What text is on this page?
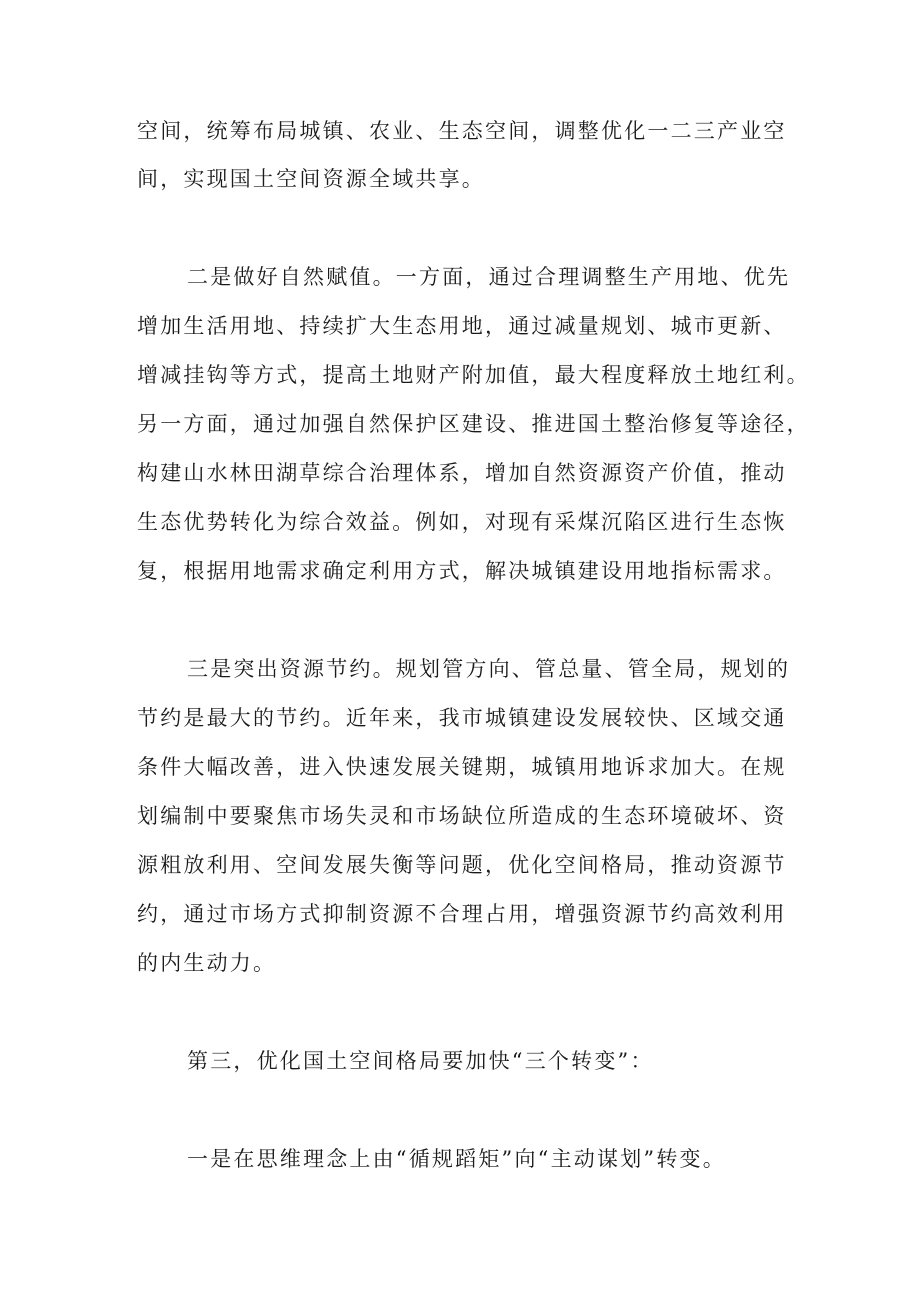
空间，统筹布局城镇、农业、生态空间，调整优化一二三产业空
间，实现国土空间资源全域共享。
二是做好自然赋值。一方面，通过合理调整生产用地、优先
增加生活用地、持续扩大生态用地，通过减量规划、城市更新、
增减挂钩等方式，提高土地财产附加值，最大程度释放土地红利。
另一方面，通过加强自然保护区建设、推进国土整治修复等途径，
构建山水林田湖草综合治理体系，增加自然资源资产价值，推动
生态优势转化为综合效益。例如，对现有采煤沉陷区进行生态恢
复，根据用地需求确定利用方式，解决城镇建设用地指标需求。
三是突出资源节约。规划管方向、管总量、管全局，规划的
节约是最大的节约。近年来，我市城镇建设发展较快、区域交通
条件大幅改善，进入快速发展关键期，城镇用地诉求加大。在规
划编制中要聚焦市场失灵和市场缺位所造成的生态环境破坏、资
源粗放利用、空间发展失衡等问题，优化空间格局，推动资源节
约，通过市场方式抑制资源不合理占用，增强资源节约高效利用
的内生动力。
第三，优化国土空间格局要加快“三个转变”：
一是在思维理念上由“循规蹈矩”向“主动谋划”转变。
